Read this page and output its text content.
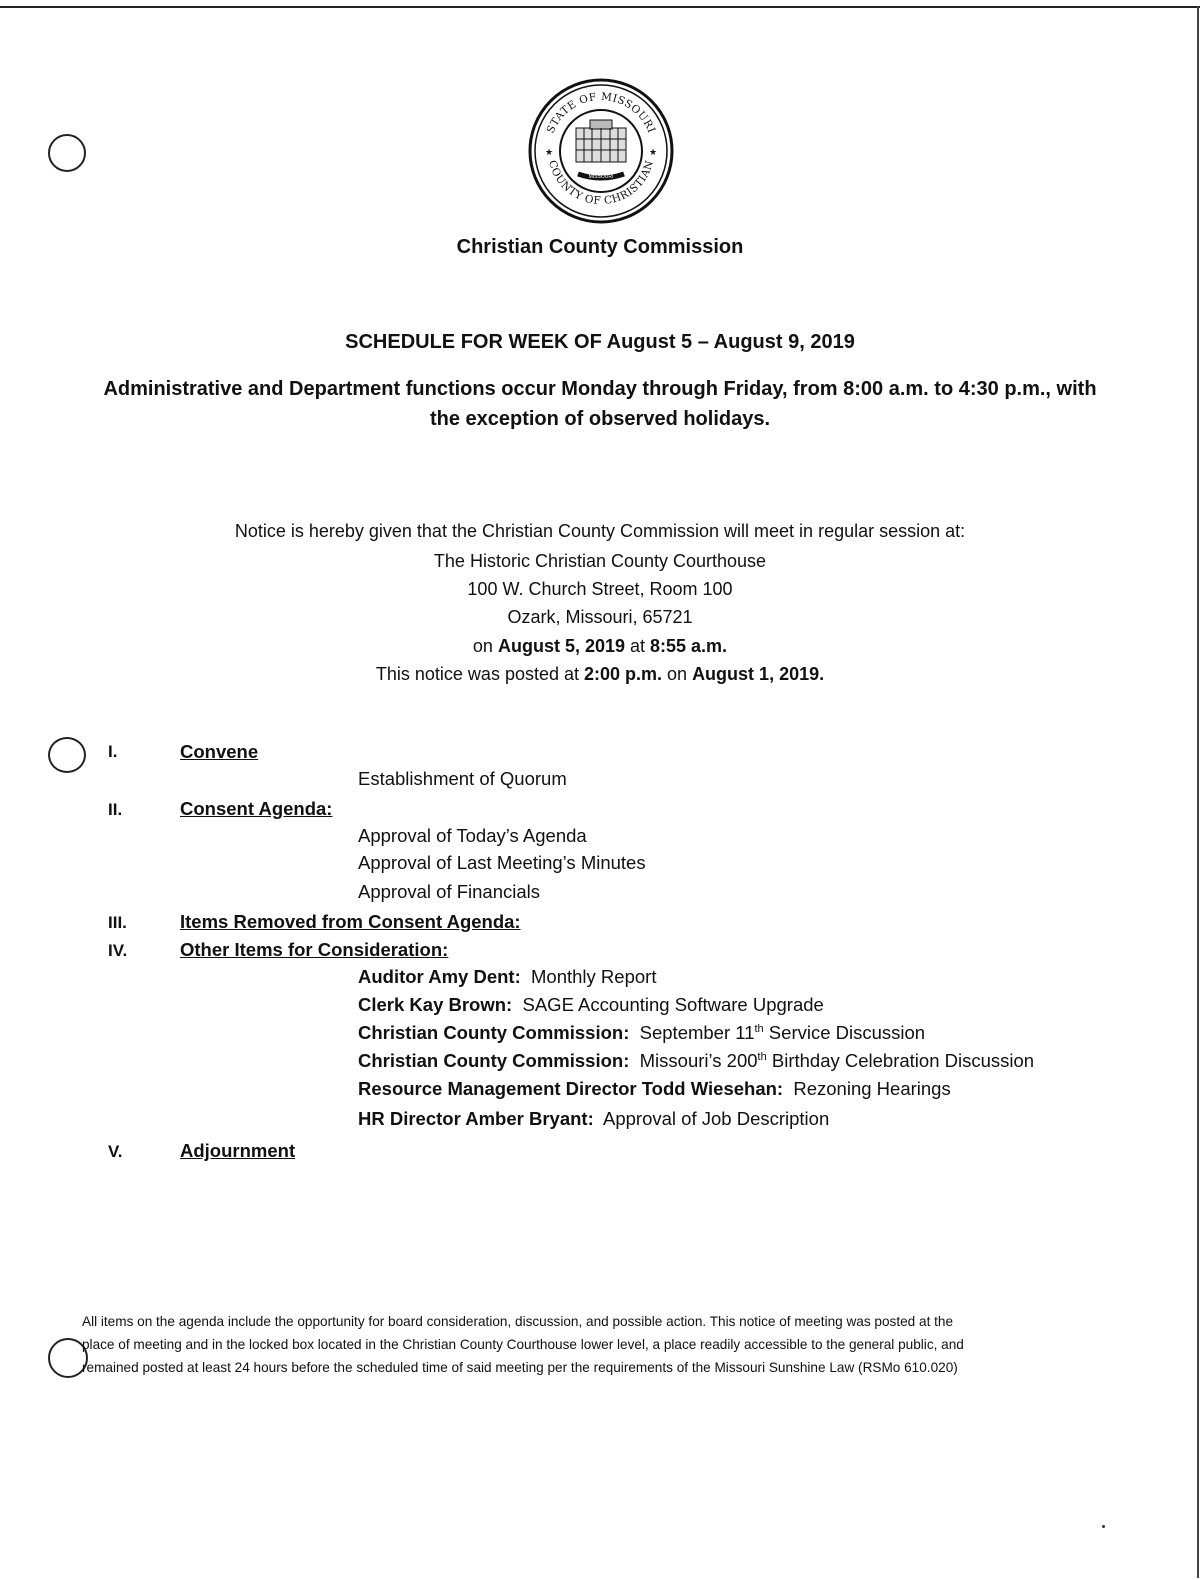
STATE OF MISSOURI
COUNTY OF CHRISTIAN
★	★
MISSOURI
Christian County Commission
SCHEDULE FOR WEEK OF August 5 – August 9, 2019
Administrative and Department functions occur Monday through Friday, from 8:00 a.m. to 4:30 p.m., with
the exception of observed holidays.
Notice is hereby given that the Christian County Commission will meet in regular session at:
The Historic Christian County Courthouse
100 W. Church Street, Room 100
Ozark, Missouri, 65721
on August 5, 2019 at 8:55 a.m.
This notice was posted at 2:00 p.m. on August 1, 2019.
I.	Convene
Establishment of Quorum
II.	Consent Agenda:
Approval of Today’s Agenda
Approval of Last Meeting’s Minutes
Approval of Financials
III.	Items Removed from Consent Agenda:
IV.	Other Items for Consideration:
Auditor Amy Dent: Monthly Report
Clerk Kay Brown: SAGE Accounting Software Upgrade
Christian County Commission: September 11th Service Discussion
Christian County Commission: Missouri’s 200th Birthday Celebration Discussion
Resource Management Director Todd Wiesehan: Rezoning Hearings
HR Director Amber Bryant: Approval of Job Description
V.	Adjournment
All items on the agenda include the opportunity for board consideration, discussion, and possible action. This notice of meeting was posted at the
place of meeting and in the locked box located in the Christian County Courthouse lower level, a place readily accessible to the general public, and
remained posted at least 24 hours before the scheduled time of said meeting per the requirements of the Missouri Sunshine Law (RSMo 610.020)
